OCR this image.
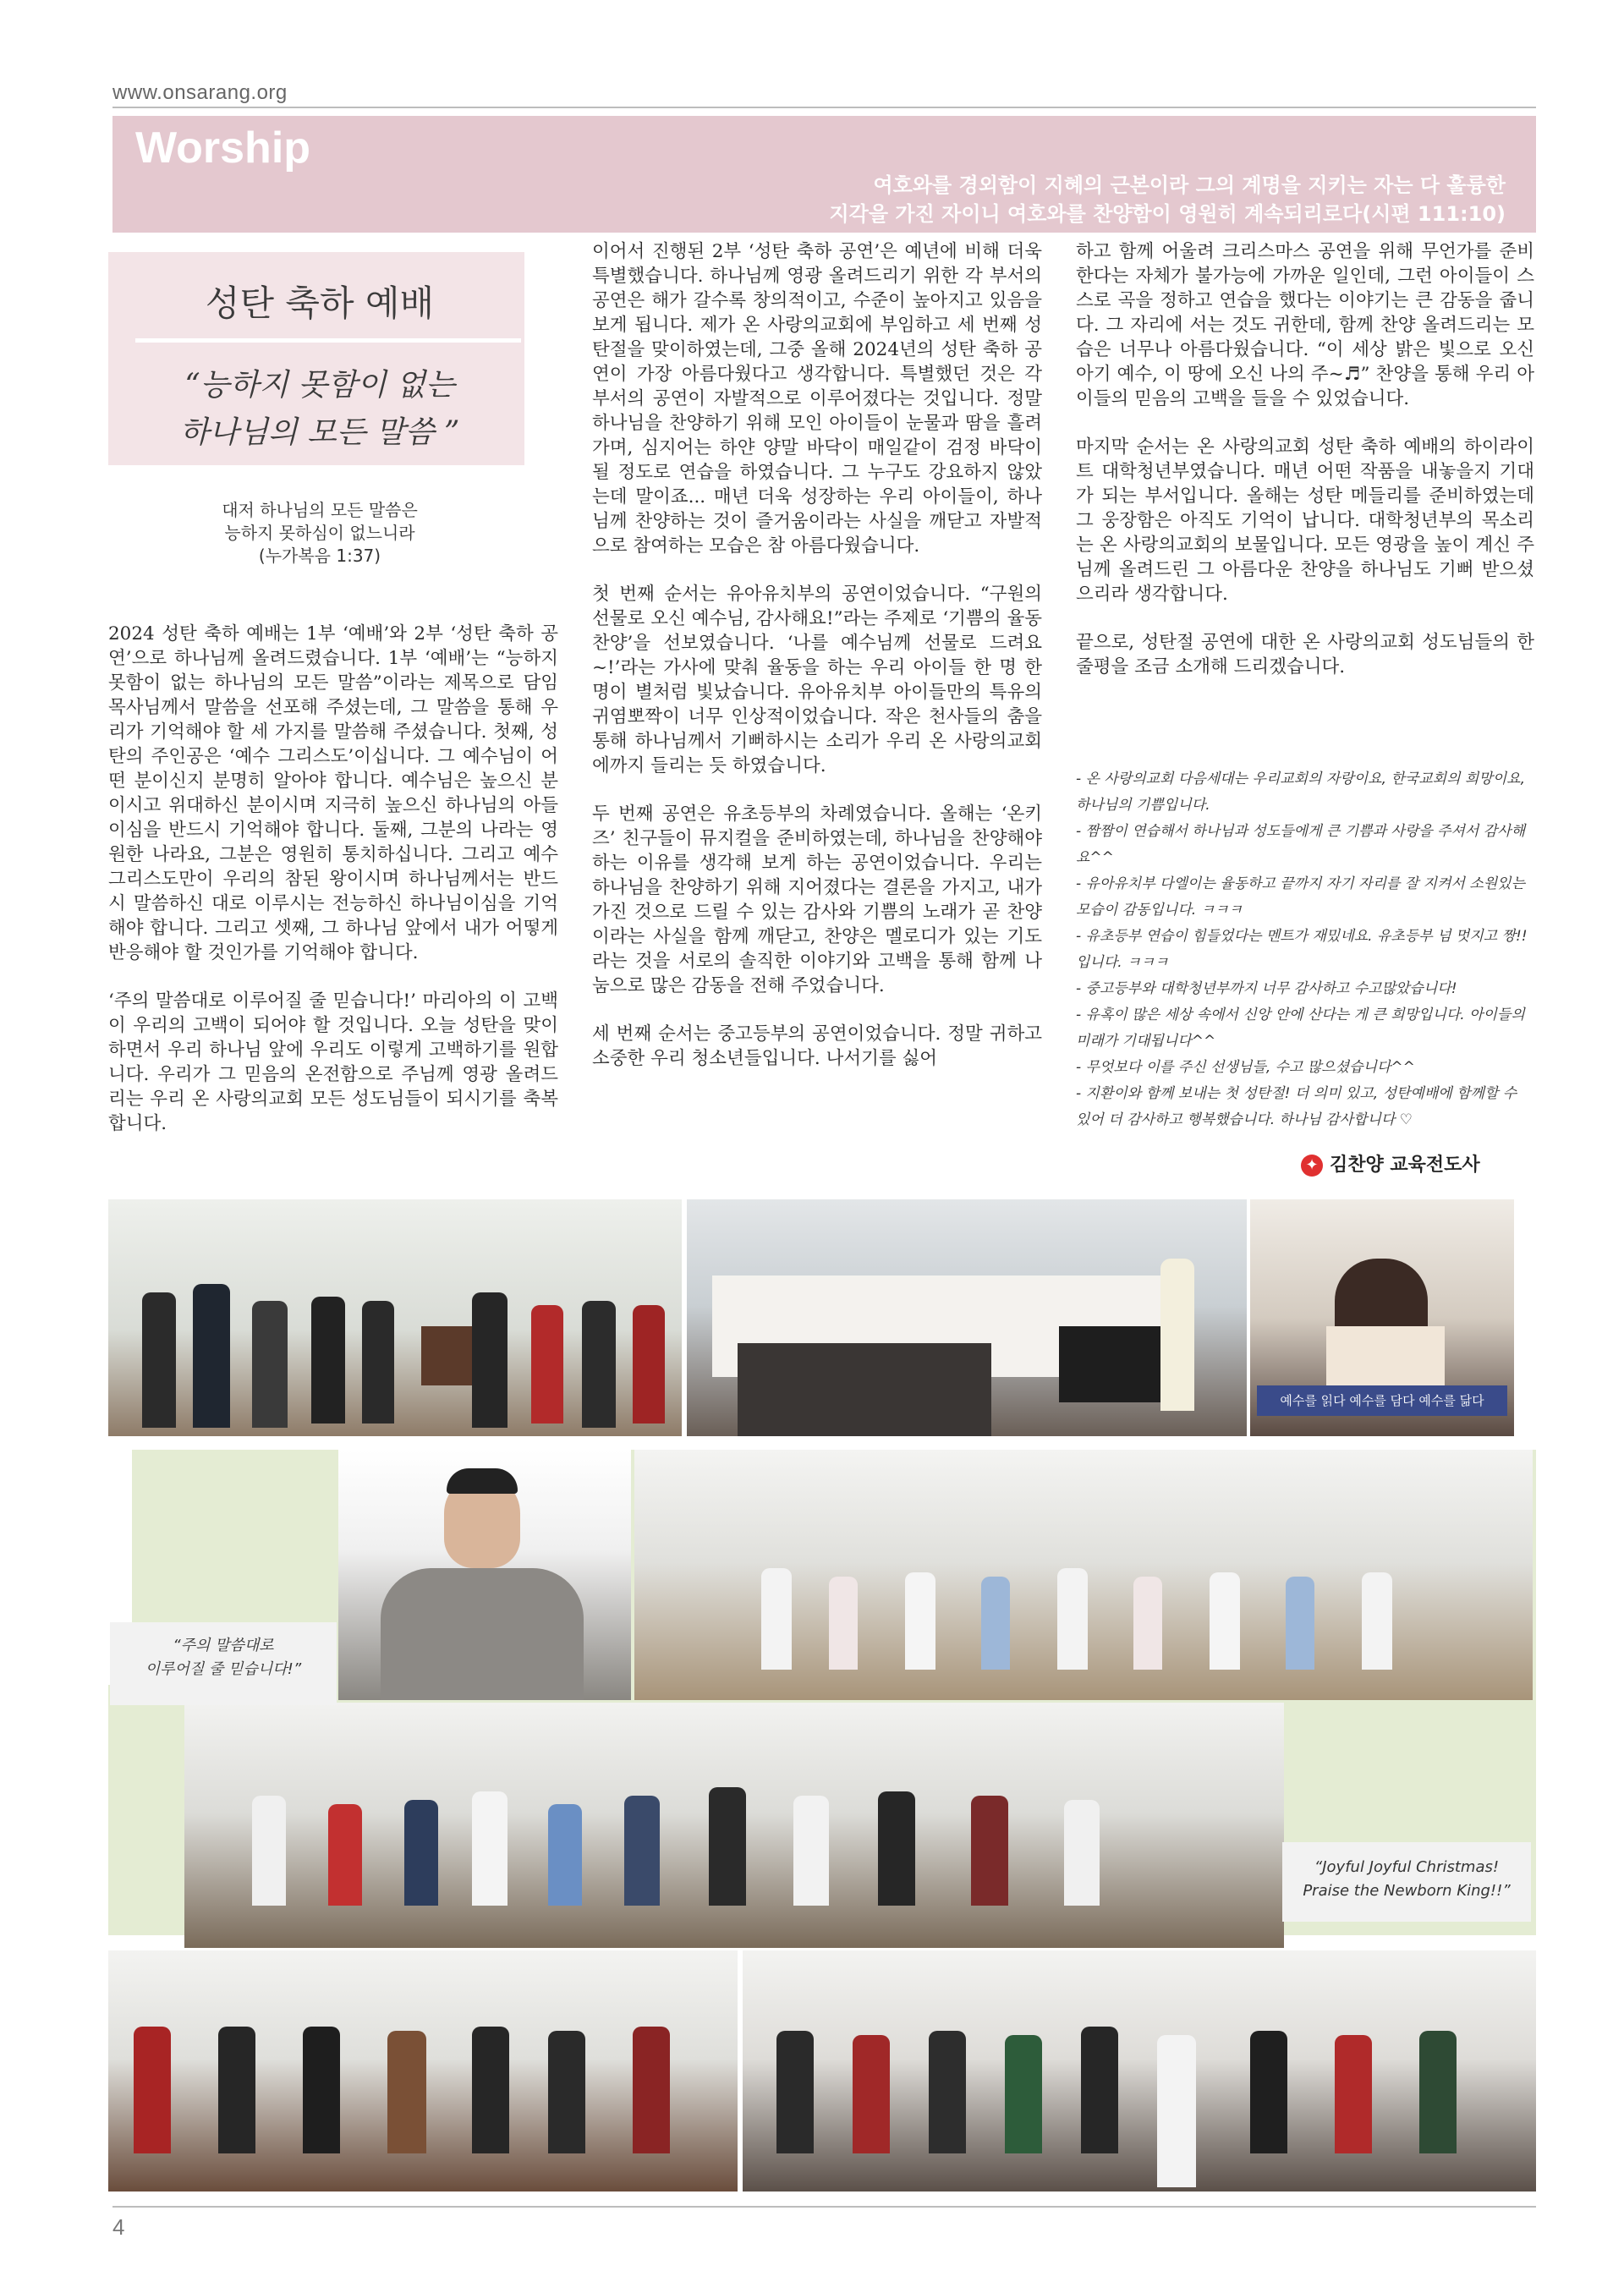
www.onsarang.org
Worship
여호와를 경외함이 지혜의 근본이라 그의 계명을 지키는 자는 다 훌륭한
지각을 가진 자이니 여호와를 찬양함이 영원히 계속되리로다(시편 111:10)
성탄 축하 예배
“능하지 못함이 없는
하나님의 모든 말씀 ”
대저 하나님의 모든 말씀은
능하지 못하심이 없느니라
(누가복음 1:37)

2024 성탄 축하 예배는 1부 ‘예배’와 2부 ‘성탄 축하 공연’으로 하나님께 올려드렸습니다. 1부 ‘예배’는 “능하지 못함이 없는 하나님의 모든 말씀”이라는 제목으로 담임 목사님께서 말씀을 선포해 주셨는데, 그 말씀을 통해 우리가 기억해야 할 세 가지를 말씀해 주셨습니다. 첫째, 성탄의 주인공은 ‘예수 그리스도’이십니다. 그 예수님이 어떤 분이신지 분명히 알아야 합니다. 예수님은 높으신 분이시고 위대하신 분이시며 지극히 높으신 하나님의 아들이심을 반드시 기억해야 합니다. 둘째, 그분의 나라는 영원한 나라요, 그분은 영원히 통치하십니다. 그리고 예수 그리스도만이 우리의 참된 왕이시며 하나님께서는 반드시 말씀하신 대로 이루시는 전능하신 하나님이심을 기억해야 합니다. 그리고 셋째, 그 하나님 앞에서 내가 어떻게 반응해야 할 것인가를 기억해야 합니다.

‘주의 말씀대로 이루어질 줄 믿습니다!’ 마리아의 이 고백이 우리의 고백이 되어야 할 것입니다. 오늘 성탄을 맞이하면서 우리 하나님 앞에 우리도 이렇게 고백하기를 원합니다. 우리가 그 믿음의 온전함으로 주님께 영광 올려드리는 우리 온 사랑의교회 모든 성도님들이 되시기를 축복합니다.

이어서 진행된 2부 ‘성탄 축하 공연’은 예년에 비해 더욱 특별했습니다. 하나님께 영광 올려드리기 위한 각 부서의 공연은 해가 갈수록 창의적이고, 수준이 높아지고 있음을 보게 됩니다. 제가 온 사랑의교회에 부임하고 세 번째 성탄절을 맞이하였는데, 그중 올해 2024년의 성탄 축하 공연이 가장 아름다웠다고 생각합니다. 특별했던 것은 각 부서의 공연이 자발적으로 이루어졌다는 것입니다. 정말 하나님을 찬양하기 위해 모인 아이들이 눈물과 땀을 흘려가며, 심지어는 하얀 양말 바닥이 매일같이 검정 바닥이 될 정도로 연습을 하였습니다. 그 누구도 강요하지 않았는데 말이죠... 매년 더욱 성장하는 우리 아이들이, 하나님께 찬양하는 것이 즐거움이라는 사실을 깨닫고 자발적으로 참여하는 모습은 참 아름다웠습니다.

첫 번째 순서는 유아유치부의 공연이었습니다. “구원의 선물로 오신 예수님, 감사해요!”라는 주제로 ‘기쁨의 율동찬양’을 선보였습니다. ‘나를 예수님께 선물로 드려요~!’라는 가사에 맞춰 율동을 하는 우리 아이들 한 명 한 명이 별처럼 빛났습니다. 유아유치부 아이들만의 특유의 귀염뽀짝이 너무 인상적이었습니다. 작은 천사들의 춤을 통해 하나님께서 기뻐하시는 소리가 우리 온 사랑의교회에까지 들리는 듯 하였습니다.

두 번째 공연은 유초등부의 차례였습니다. 올해는 ‘온키즈’ 친구들이 뮤지컬을 준비하였는데, 하나님을 찬양해야 하는 이유를 생각해 보게 하는 공연이었습니다. 우리는 하나님을 찬양하기 위해 지어졌다는 결론을 가지고, 내가 가진 것으로 드릴 수 있는 감사와 기쁨의 노래가 곧 찬양이라는 사실을 함께 깨닫고, 찬양은 멜로디가 있는 기도라는 것을 서로의 솔직한 이야기와 고백을 통해 함께 나눔으로 많은 감동을 전해 주었습니다.

세 번째 순서는 중고등부의 공연이었습니다. 정말 귀하고 소중한 우리 청소년들입니다. 나서기를 싫어

하고 함께 어울려 크리스마스 공연을 위해 무언가를 준비한다는 자체가 불가능에 가까운 일인데, 그런 아이들이 스스로 곡을 정하고 연습을 했다는 이야기는 큰 감동을 줍니다. 그 자리에 서는 것도 귀한데, 함께 찬양 올려드리는 모습은 너무나 아름다웠습니다. “이 세상 밝은 빛으로 오신 아기 예수, 이 땅에 오신 나의 주~♬” 찬양을 통해 우리 아이들의 믿음의 고백을 들을 수 있었습니다.

마지막 순서는 온 사랑의교회 성탄 축하 예배의 하이라이트 대학청년부였습니다. 매년 어떤 작품을 내놓을지 기대가 되는 부서입니다. 올해는 성탄 메들리를 준비하였는데 그 웅장함은 아직도 기억이 납니다. 대학청년부의 목소리는 온 사랑의교회의 보물입니다. 모든 영광을 높이 계신 주님께 올려드린 그 아름다운 찬양을 하나님도 기뻐 받으셨으리라 생각합니다.

끝으로, 성탄절 공연에 대한 온 사랑의교회 성도님들의 한 줄평을 조금 소개해 드리겠습니다.

- 온 사랑의교회 다음세대는 우리교회의 자랑이요, 한국교회의 희망이요, 하나님의 기쁨입니다.
- 짬짬이 연습해서 하나님과 성도들에게 큰 기쁨과 사랑을 주셔서 감사해요^^
- 유아유치부 다엘이는 율동하고 끝까지 자기 자리를 잘 지켜서 소원있는 모습이 감동입니다. ㅋㅋㅋ
- 유초등부 연습이 힘들었다는 멘트가 재밌네요. 유초등부 넘 멋지고 짱!!입니다. ㅋㅋㅋ
- 중고등부와 대학청년부까지 너무 감사하고 수고많았습니다!
- 유혹이 많은 세상 속에서 신앙 안에 산다는 게 큰 희망입니다. 아이들의 미래가 기대됩니다^^
- 무엇보다 이를 주신 선생님들, 수고 많으셨습니다^^
- 지환이와 함께 보내는 첫 성탄절! 더 의미 있고, 성탄예배에 함께할 수 있어 더 감사하고 행복했습니다. 하나님 감사합니다 ♡
✦ 김찬양 교육전도사
예수를 읽다 예수를 담다 예수를 닮다
“주의 말씀대로
이루어질 줄 믿습니다!”
“Joyful Joyful Christmas!
Praise the Newborn King!!”
4
